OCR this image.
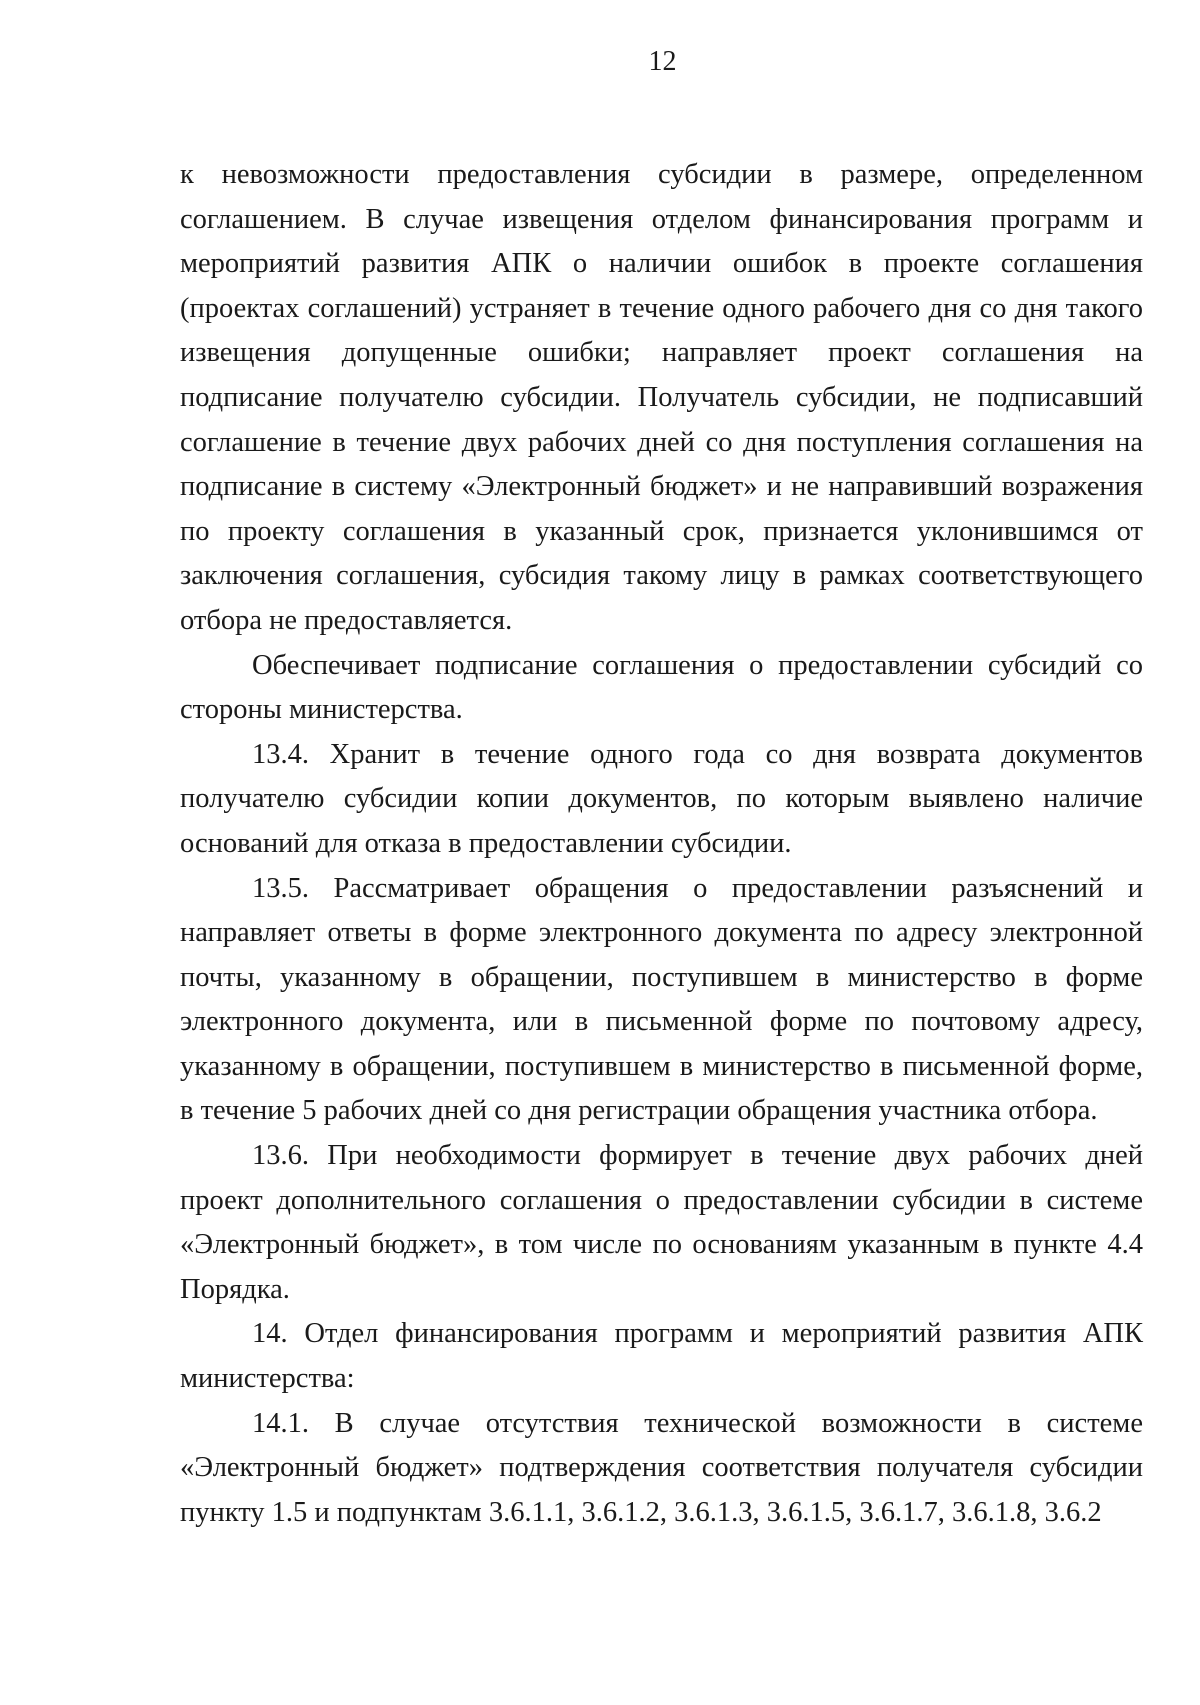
12

к невозможности предоставления субсидии в размере, определенном соглашением. В случае извещения отделом финансирования программ и мероприятий развития АПК о наличии ошибок в проекте соглашения (проектах соглашений) устраняет в течение одного рабочего дня со дня такого извещения допущенные ошибки; направляет проект соглашения на подписание получателю субсидии. Получатель субсидии, не подписавший соглашение в течение двух рабочих дней со дня поступления соглашения на подписание в систему «Электронный бюджет» и не направивший возражения по проекту соглашения в указанный срок, признается уклонившимся от заключения соглашения, субсидия такому лицу в рамках соответствующего отбора не предоставляется.

Обеспечивает подписание соглашения о предоставлении субсидий со стороны министерства.

13.4. Хранит в течение одного года со дня возврата документов получателю субсидии копии документов, по которым выявлено наличие оснований для отказа в предоставлении субсидии.

13.5. Рассматривает обращения о предоставлении разъяснений и направляет ответы в форме электронного документа по адресу электронной почты, указанному в обращении, поступившем в министерство в форме электронного документа, или в письменной форме по почтовому адресу, указанному в обращении, поступившем в министерство в письменной форме, в течение 5 рабочих дней со дня регистрации обращения участника отбора.

13.6. При необходимости формирует в течение двух рабочих дней проект дополнительного соглашения о предоставлении субсидии в системе «Электронный бюджет», в том числе по основаниям указанным в пункте 4.4 Порядка.

14. Отдел финансирования программ и мероприятий развития АПК министерства:

14.1. В случае отсутствия технической возможности в системе «Электронный бюджет» подтверждения соответствия получателя субсидии пункту 1.5 и подпунктам 3.6.1.1, 3.6.1.2, 3.6.1.3, 3.6.1.5, 3.6.1.7, 3.6.1.8, 3.6.2
